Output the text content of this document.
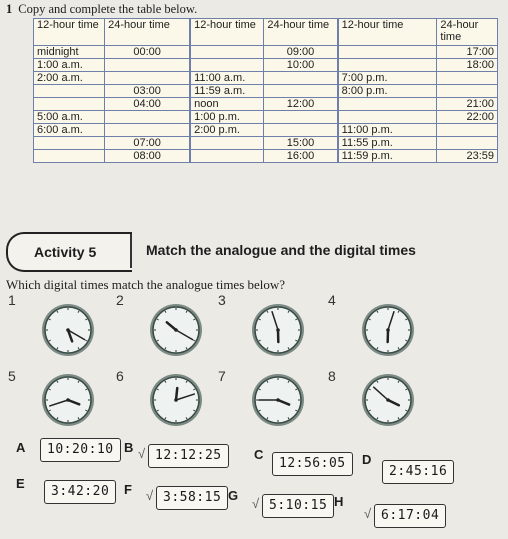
1 Copy and complete the table below.
12-hour time	24-hour time	12-hour time	24-hour time	12-hour time	24-hour time
midnight	00:00		09:00		17:00
1:00 a.m.			10:00		18:00
2:00 a.m.		11:00 a.m.		7:00 p.m.	
	03:00	11:59 a.m.		8:00 p.m.	
	04:00	noon	12:00		21:00
5:00 a.m.		1:00 p.m.			22:00
6:00 a.m.		2:00 p.m.		11:00 p.m.	
	07:00		15:00	11:55 p.m.	
	08:00		16:00	11:59 p.m.	23:59
Activity 5	Match the analogue and the digital times
Which digital times match the analogue times below?
1	2	3	4
5	6	7	8
A	10:20:10 B √ 12:12:25	C
12:56:05	D
2:45:16
E
3:42:20	F √ 3:58:15 G
√ 5:10:15 H
√ 6:17:04
